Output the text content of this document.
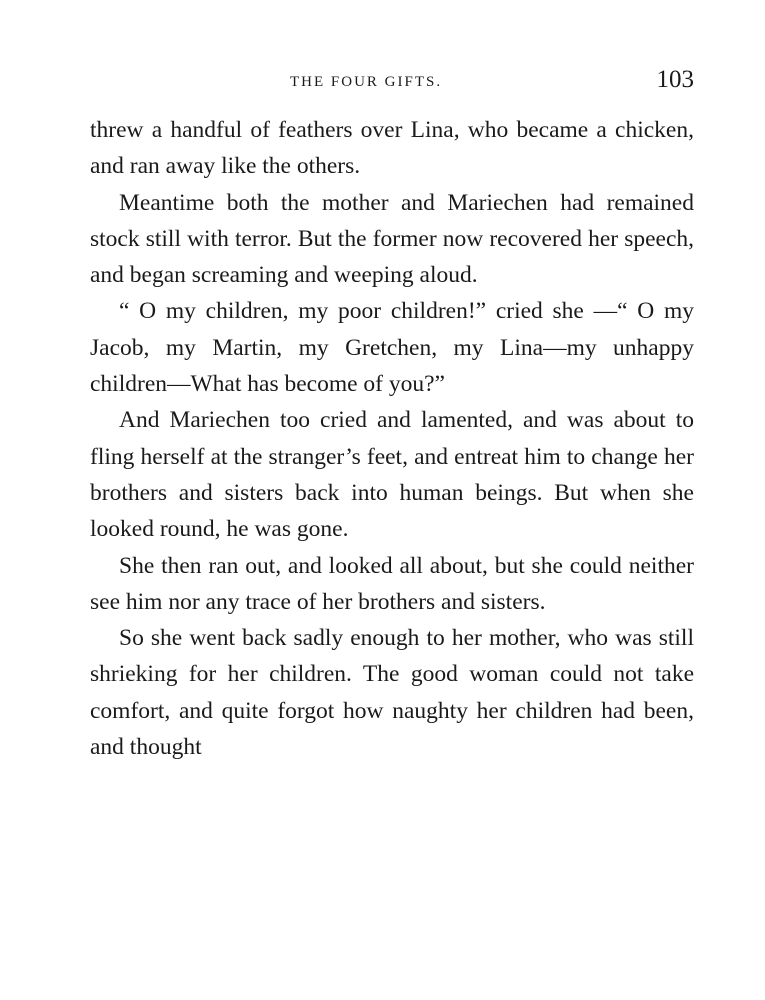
THE FOUR GIFTS.	103

threw a handful of feathers over Lina, who became a chicken, and ran away like the others.

Meantime both the mother and Mariechen had remained stock still with terror. But the former now recovered her speech, and began screaming and weeping aloud.

“ O my children, my poor children!” cried she —“ O my Jacob, my Martin, my Gretchen, my Lina—my unhappy children—What has become of you?”

And Mariechen too cried and lamented, and was about to fling herself at the stranger’s feet, and entreat him to change her brothers and sisters back into human beings. But when she looked round, he was gone.

She then ran out, and looked all about, but she could neither see him nor any trace of her brothers and sisters.

So she went back sadly enough to her mother, who was still shrieking for her children. The good woman could not take comfort, and quite forgot how naughty her children had been, and thought
